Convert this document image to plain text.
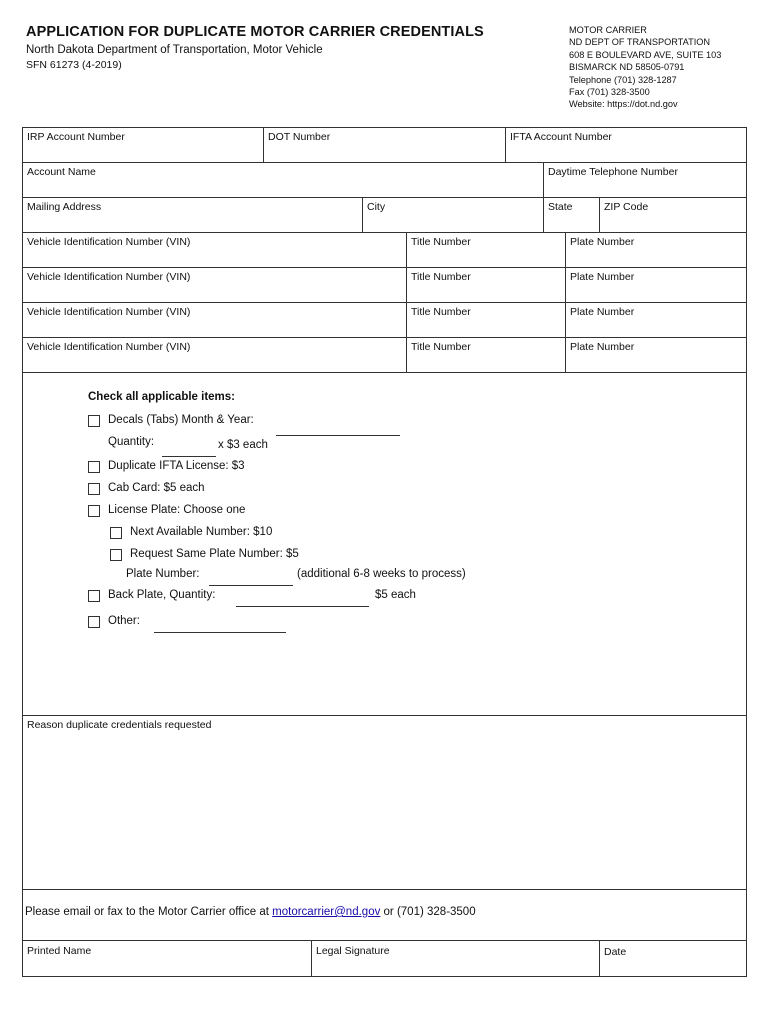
APPLICATION FOR DUPLICATE MOTOR CARRIER CREDENTIALS
North Dakota Department of Transportation, Motor Vehicle
SFN 61273 (4-2019)
MOTOR CARRIER
ND DEPT OF TRANSPORTATION
608 E BOULEVARD AVE, SUITE 103
BISMARCK ND 58505-0791
Telephone (701) 328-1287
Fax (701) 328-3500
Website: https://dot.nd.gov
IRP Account Number	DOT Number	IFTA Account Number
Account Name	Daytime Telephone Number
Mailing Address	City	State	ZIP Code
Vehicle Identification Number (VIN)	Title Number	Plate Number
Vehicle Identification Number (VIN)	Title Number	Plate Number
Vehicle Identification Number (VIN)	Title Number	Plate Number
Vehicle Identification Number (VIN)	Title Number	Plate Number
Check all applicable items:
Decals (Tabs) Month & Year:
Quantity:	x $3 each
Duplicate IFTA License: $3
Cab Card: $5 each
License Plate: Choose one
Next Available Number: $10
Request Same Plate Number: $5
Plate Number:	(additional 6-8 weeks to process)
Back Plate, Quantity:	$5 each
Other:
Reason duplicate credentials requested
Please email or fax to the Motor Carrier office at motorcarrier@nd.gov or (701) 328-3500
Printed Name	Legal Signature	Date
